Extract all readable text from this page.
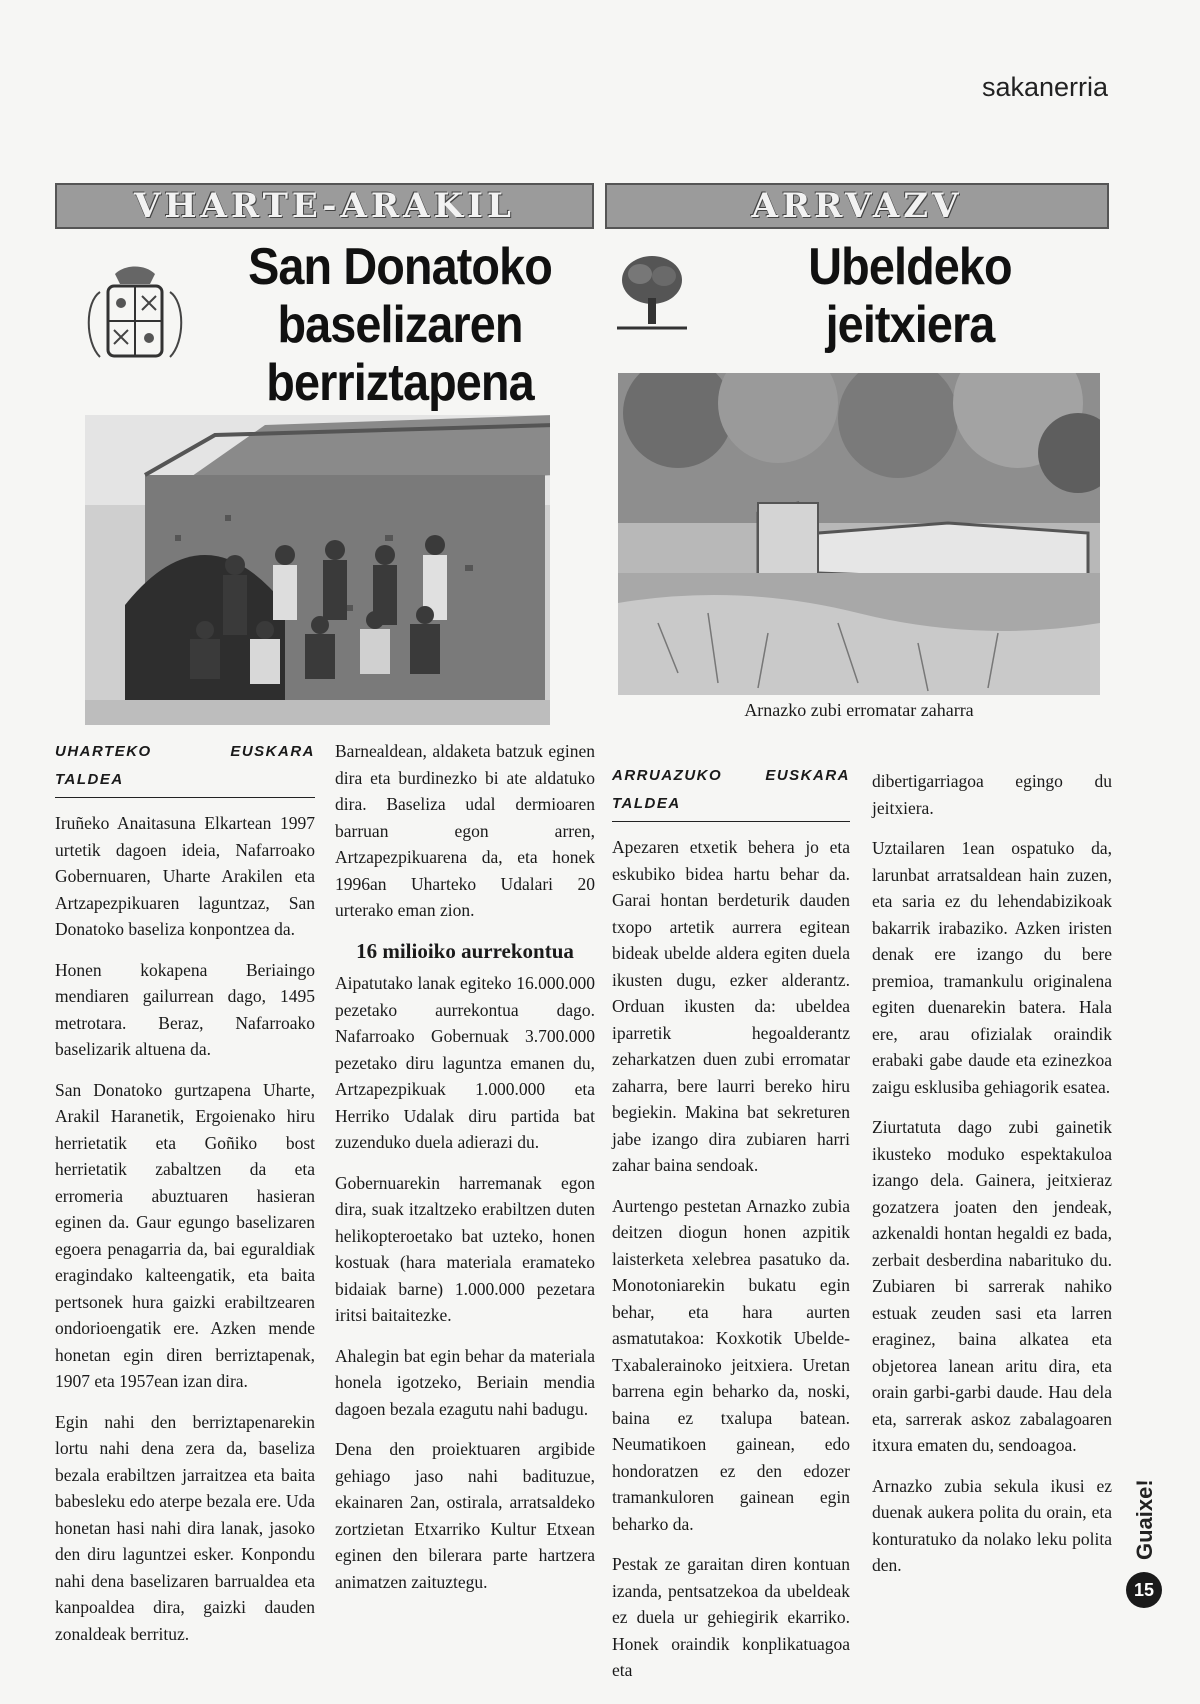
sakanerria
VHARTE-ARAKIL
San Donatoko baselizaren berriztapena
UHARTEKO EUSKARA TALDEA

Iruñeko Anaitasuna Elkartean 1997 urtetik dagoen ideia, Nafarroako Gobernuaren, Uharte Arakilen eta Artzapezpikuaren laguntzaz, San Donatoko baseliza konpontzea da.

Honen kokapena Beriaingo mendiaren gailurrean dago, 1495 metrotara. Beraz, Nafarroako baselizarik altuena da.

San Donatoko gurtzapena Uharte, Arakil Haranetik, Ergoienako hiru herrietatik eta Goñiko bost herrietatik zabaltzen da eta erromeria abuztuaren hasieran eginen da. Gaur egungo baselizaren egoera penagarria da, bai eguraldiak eragindako kalteengatik, eta baita pertsonek hura gaizki erabiltzearen ondorioengatik ere. Azken mende honetan egin diren berriztapenak, 1907 eta 1957ean izan dira.

Egin nahi den berriztapenarekin lortu nahi dena zera da, baseliza bezala erabiltzen jarraitzea eta baita babesleku edo aterpe bezala ere. Uda honetan hasi nahi dira lanak, jasoko den diru laguntzei esker. Konpondu nahi dena baselizaren barrualdea eta kanpoaldea dira, gaizki dauden zonaldeak berrituz.

Barnealdean, aldaketa batzuk eginen dira eta burdinezko bi ate aldatuko dira. Baseliza udal dermioaren barruan egon arren, Artzapezpikuarena da, eta honek 1996an Uharteko Udalari 20 urterako eman zion.

16 milioiko aurrekontua

Aipatutako lanak egiteko 16.000.000 pezetako aurrekontua dago. Nafarroako Gobernuak 3.700.000 pezetako diru laguntza emanen du, Artzapezpikuak 1.000.000 eta Herriko Udalak diru partida bat zuzenduko duela adierazi du.

Gobernuarekin harremanak egon dira, suak itzaltzeko erabiltzen duten helikopteroetako bat uzteko, honen kostuak (hara materiala eramateko bidaiak barne) 1.000.000 pezetara iritsi baitaitezke.

Ahalegin bat egin behar da materiala honela igotzeko, Beriain mendia dagoen bezala ezagutu nahi badugu.

Dena den proiektuaren argibide gehiago jaso nahi badituzue, ekainaren 2an, ostirala, arratsaldeko zortzietan Etxarriko Kultur Etxean eginen den bilerara parte hartzera animatzen zaituztegu.

ARRVAZV
Ubeldeko jeitxiera
Arnazko zubi erromatar zaharra
ARRUAZUKO EUSKARA TALDEA

Apezaren etxetik behera jo eta eskubiko bidea hartu behar da. Garai hontan berdeturik dauden txopo artetik aurrera egitean bideak ubelde aldera egiten duela ikusten dugu, ezker alderantz. Orduan ikusten da: ubeldea iparretik hegoalderantz zeharkatzen duen zubi erromatar zaharra, bere laurri bereko hiru begiekin. Makina bat sekreturen jabe izango dira zubiaren harri zahar baina sendoak.

Aurtengo pestetan Arnazko zubia deitzen diogun honen azpitik laisterketa xelebrea pasatuko da. Monotoniarekin bukatu egin behar, eta hara aurten asmatutakoa: Koxkotik Ubelde-Txabalerainoko jeitxiera. Uretan barrena egin beharko da, noski, baina ez txalupa batean. Neumatikoen gainean, edo hondoratzen ez den edozer tramankuloren gainean egin beharko da.

Pestak ze garaitan diren kontuan izanda, pentsatzekoa da ubeldeak ez duela ur gehiegirik ekarriko. Honek oraindik konplikatuagoa eta

dibertigarriagoa egingo du jeitxiera.

Uztailaren 1ean ospatuko da, larunbat arratsaldean hain zuzen, eta saria ez du lehendabizikoak bakarrik irabaziko. Azken iristen denak ere izango du bere premioa, tramankulu originalena egiten duenarekin batera. Hala ere, arau ofizialak oraindik erabaki gabe daude eta ezinezkoa zaigu esklusiba gehiagorik esatea.

Ziurtatuta dago zubi gainetik ikusteko moduko espektakuloa izango dela. Gainera, jeitxieraz gozatzera joaten den jendeak, azkenaldi hontan hegaldi ez bada, zerbait desberdina nabarituko du. Zubiaren bi sarrerak nahiko estuak zeuden sasi eta larren eraginez, baina alkatea eta objetorea lanean aritu dira, eta orain garbi-garbi daude. Hau dela eta, sarrerak askoz zabalagoaren itxura ematen du, sendoagoa.

Arnazko zubia sekula ikusi ez duenak aukera polita du orain, eta konturatuko da nolako leku polita den.

Guaixe!
15
